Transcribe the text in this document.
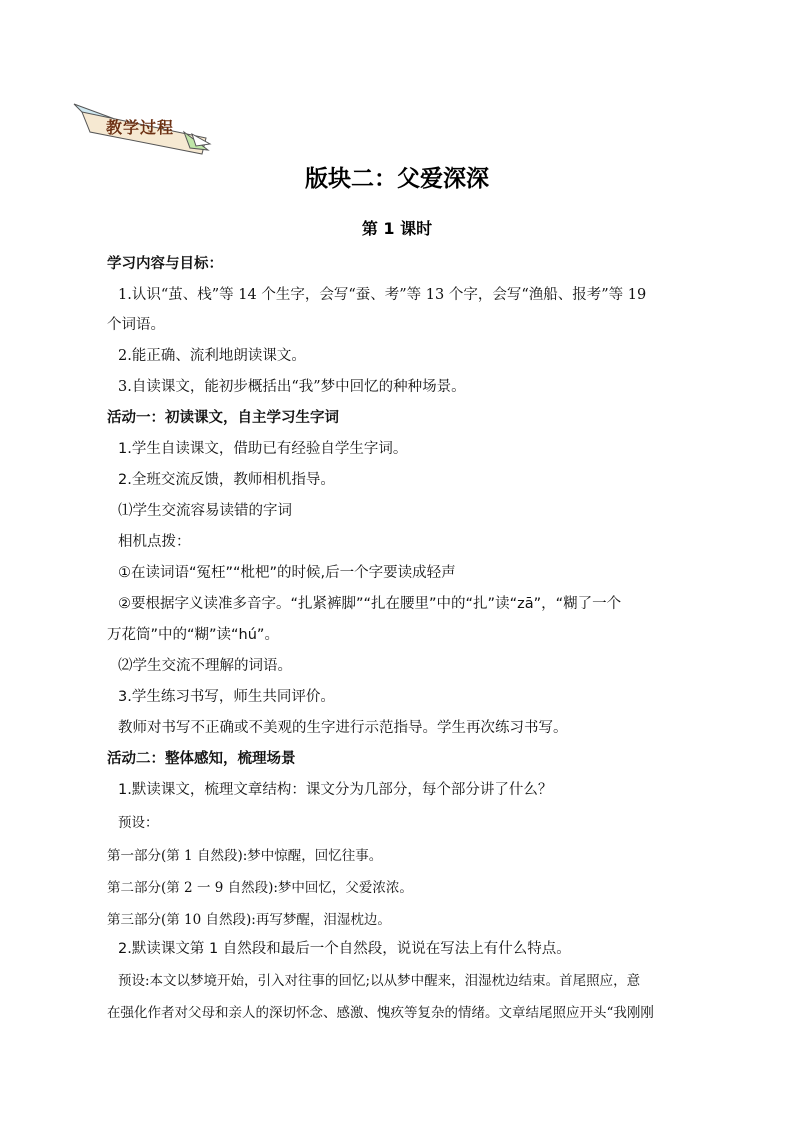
教学过程
版块二：父爱深深
第 1 课时
学习内容与目标：
1.认识“茧、栈”等 14 个生字，会写“蚕、考”等 13 个字，会写“渔船、报考”等 19
个词语。
2.能正确、流利地朗读课文。
3.自读课文，能初步概括出“我”梦中回忆的种种场景。
活动一：初读课文，自主学习生字词
1.学生自读课文，借助已有经验自学生字词。
2.全班交流反馈，教师相机指导。
⑴学生交流容易读错的字词
相机点拨：
①在读词语“冤枉”“枇杷”的时候,后一个字要读成轻声
②要根据字义读准多音字。“扎紧裤脚”“扎在腰里”中的“扎”读“zā”，“糊了一个
万花筒”中的“糊”读“hú”。
⑵学生交流不理解的词语。
3.学生练习书写，师生共同评价。
教师对书写不正确或不美观的生字进行示范指导。学生再次练习书写。
活动二：整体感知，梳理场景
1.默读课文，梳理文章结构：课文分为几部分，每个部分讲了什么？
预设：
第一部分(第 1 自然段):梦中惊醒，回忆往事。
第二部分(第 2 一 9 自然段):梦中回忆，父爱浓浓。
第三部分(第 10 自然段):再写梦醒，泪湿枕边。
2.默读课文第 1 自然段和最后一个自然段，说说在写法上有什么特点。
预设:本文以梦境开始，引入对往事的回忆;以从梦中醒来，泪湿枕边结束。首尾照应，意
在强化作者对父母和亲人的深切怀念、感激、愧疚等复杂的情绪。文章结尾照应开头“我刚刚
